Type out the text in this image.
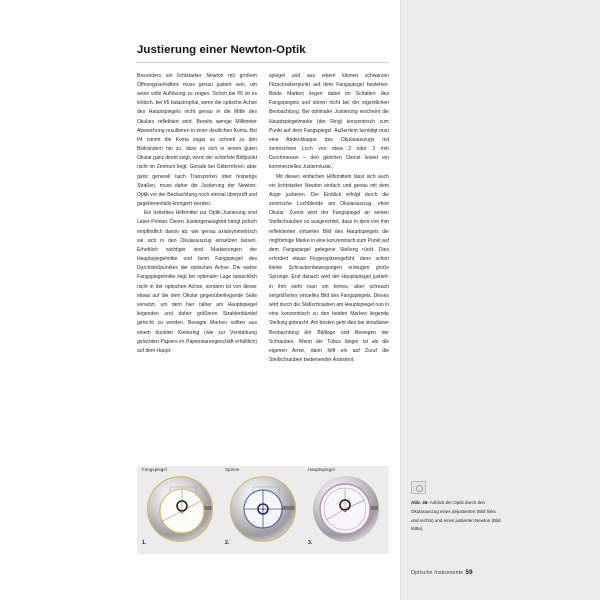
Justierung einer Newton-Optik

Besonders ein lichtstarker Newton mit großem Öffnungsverhältnis muss genau justiert sein, um seine volle Auflösung zu zeigen. Schon bei f/6 ist es kritisch, bei f/5 katastrophal, wenn die optische Achse des Hauptspiegels nicht genau in die Mitte des Okulars reflektiert wird. Bereits wenige Millimeter Abweichung resultieren in einer deutlichen Koma. Bei f/4 nimmt die Koma sogar so schnell zu den Bildrändern hin zu, dass es sich in einem guten Okular ganz direkt zeigt, wenn der schärfste Bildpunkt nicht im Zentrum liegt. Gerade bei Gitterrohren, aber ganz generell nach Transporten über holperige Straßen, muss daher die Justierung der Newton-Optik vor der Beobachtung noch einmal überprüft und gegebenenfalls korrigiert werden.

Ein beliebtes Hilfsmittel zur Optik-Justierung sind Laser-Pointer. Deren Justiergenauigkeit hängt jedoch empfindlich davon ab, wie genau axialsymmetrisch sie sich in den Okularauszug einsetzen lassen. Erheblich wichtiger sind Markierungen der Hauptspiegelmitte und beim Fangspiegel des Durchstoßpunktes der optischen Achse. Die wahre Fangspiegelmitte liegt bei optimaler Lage tatsächlich nicht in der optischen Achse, sondern ist von dieser etwas auf die dem Okular gegenüberliegende Seite versetzt, um dem hier näher am Hauptspiegel liegenden und daher größeren Strahlenbündel gerecht zu werden. Besagte Marken sollten aus einem dunklen Klebering (wie zur Verstärkung gelochten Papiers im Papierwarengeschäft erhältlich) auf dem Haupt-

spiegel und aus einem kleinen schwarzen Filzschreiberpunkt auf dem Fangspiegel bestehen. Beide Marken liegen dabei im Schatten des Fangspiegels und stören nicht bei der eigentlichen Beobachtung. Bei optimaler Justierung erscheint die Hauptspiegelmarke (der Ring) konzentrisch zum Punkt auf dem Fangspiegel. Außerdem benötigt man eine Abdeckkappe des Okularauszugs mit zentrischem Loch von etwa 2 oder 3 mm Durchmesser – den gleichen Dienst leistet ein kommerzielles Justierokular.

Mit diesen einfachen Hilfsmitteln lässt sich auch ein lichtstarker Newton einfach und genau mit dem Auge justieren. Der Einblick erfolgt durch die zentrische Lochblende am Okularauszug, ohne Okular. Zuerst wird der Fangspiegel an seinen Stellschrauben so ausgerichtet, dass in dem von ihm reflektierten virtuellen Bild des Hauptspiegels die ringförmige Marke in eine konzentrisch zum Punkt auf dem Fangspiegel gelegene Stellung rückt. Dies erfordert etwas Fingerspitzengefühl, denn schon kleine Schraubenbewegungen erzeugen große Sprünge. Erst danach wird der Hauptspiegel justiert: in ihm sieht man ein fernes, aber schwach vergrößertes virtuelles Bild des Fangspiegels. Dieses wird durch die Stellschrauben am Hauptspiegel nun in eine konzentrisch zu den beiden Marken liegende Stellung gebracht. Am besten geht dies bei simultaner Beobachtung der Bildlage und Bewegen der Schrauben. Wenn der Tubus länger ist als die eigenen Arme, dann hilft ein auf Zuruf die Stellschrauben bedienender Assistent.

Fangspiegel
1.
Spinne
2.
Hauptspiegel
3.
Abb. 46: Anblick der Optik durch den Okularauszug eines dejustierten (Bild links und rechts) und eines justierten Newton (Bild Mitte).
Optische Instrumente 59
